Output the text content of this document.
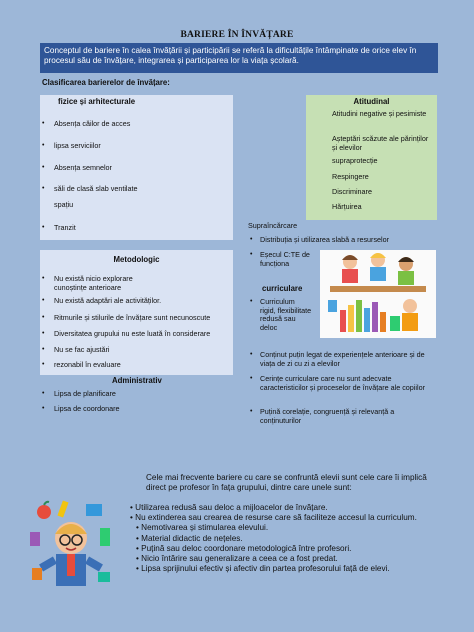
BARIERE ÎN ÎNVĂȚARE
Conceptul de bariere în calea învățării și participării se referă la dificultățile întâmpinate de orice elev în procesul său de învățare, integrarea și participarea lor la viața școlară.
Clasificarea barierelor de învățare:
fizice și arhitecturale
• Absența căilor de acces
• lipsa serviciilor
• Absența semnelor
• săli de clasă slab ventilate
spațiu
• Tranzit
Atitudinal
Atitudini negative și pesimiste
Așteptări scăzute ale părinților și elevilor
supraprotecție
Respingere
Discriminare
Hărțuirea
Metodologic
• Nu există nicio explorare cunoștințe anterioare
• Nu există adaptări ale activităților.
• Ritmurile și stilurile de învățare sunt necunoscute
• Diversitatea grupului nu este luată în considerare
• Nu se fac ajustări
• rezonabil în evaluare
Administrativ
• Lipsa de planificare
• Lipsa de coordonare
Supraîncărcare
• Distribuția și utilizarea slabă a resurselor
• Eșecul C:TE de
funcționa
curriculare
• Curriculum rigid, flexibilitate redusă sau deloc
• Conținut puțin legat de experiențele anterioare și de viața de zi cu zi a elevilor
• Cerințe curriculare care nu sunt adecvate caracteristicilor și proceselor de învățare ale copiilor
• Puțină corelație, congruență și relevanță a conținuturilor
Cele mai frecvente bariere cu care se confruntă elevii sunt cele care îi implică direct pe profesor în fața grupului, dintre care unele sunt:
• Utilizarea redusă sau deloc a mijloacelor de învățare.
• Nu extinderea sau crearea de resurse care să faciliteze accesul la curriculum.
• Nemotivarea și stimularea elevului.
• Material didactic de nețeles.
• Puțină sau deloc coordonare metodologică între profesori.
• Nicio întărire sau generalizare a ceea ce a fost predat.
• Lipsa sprijinului efectiv și afectiv din partea profesorului față de elevi.
